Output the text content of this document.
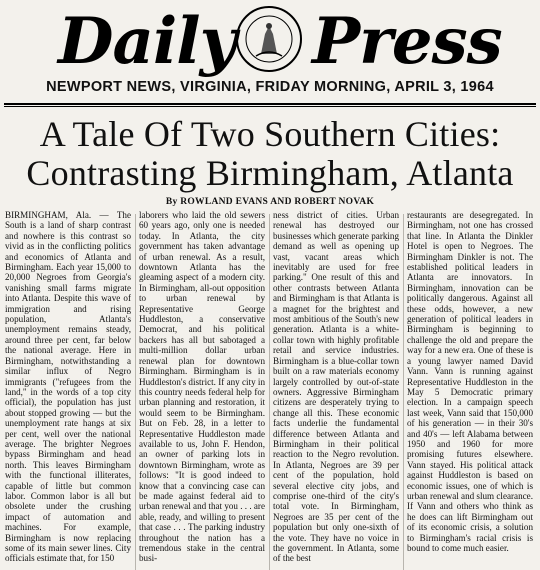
Daily Press
NEWPORT NEWS, VIRGINIA, FRIDAY MORNING, APRIL 3, 1964
A Tale Of Two Southern Cities:
Contrasting Birmingham, Atlanta
By ROWLAND EVANS AND ROBERT NOVAK

BIRMINGHAM, Ala. — The South is a land of sharp contrast and nowhere is this contrast so vivid as in the conflicting politics and economics of Atlanta and Birmingham. Each year 15,000 to 20,000 Negroes from Georgia's vanishing small farms migrate into Atlanta. Despite this wave of immigration and rising population, Atlanta's unemployment remains steady, around three per cent, far below the national average. Here in Birmingham, notwithstanding a similar influx of Negro immigrants ("refugees from the land," in the words of a top city official), the population has just about stopped growing — but the unemployment rate hangs at six per cent, well over the national average. The brighter Negroes bypass Birmingham and head north. This leaves Birmingham with the functional illiterates, capable of little but common labor. Common labor is all but obsolete under the crushing impact of automation and machines. For example, Birmingham is now replacing some of its main sewer lines. City officials estimate that, for 150

laborers who laid the old sewers 60 years ago, only one is needed today. In Atlanta, the city government has taken advantage of urban renewal. As a result, downtown Atlanta has the gleaming aspect of a modern city. In Birmingham, all-out opposition to urban renewal by Representative George Huddleston, a conservative Democrat, and his political backers has all but sabotaged a multi-million dollar urban renewal plan for downtown Birmingham. Birmingham is in Huddleston's district. If any city in this country needs federal help for urban planning and restoration, it would seem to be Birmingham. But on Feb. 28, in a letter to Representative Huddleston made available to us, John F. Hendon, an owner of parking lots in downtown Birmingham, wrote as follows: "It is good indeed to know that a convincing case can be made against federal aid to urban renewal and that you . . . are able, ready, and willing to present that case . . . The parking industry throughout the nation has a tremendous stake in the central busi-

ness district of cities. Urban renewal has destroyed our businesses which generate parking demand as well as opening up vast, vacant areas which inevitably are used for free parking." One result of this and other contrasts between Atlanta and Birmingham is that Atlanta is a magnet for the brightest and most ambitious of the South's new generation. Atlanta is a white-collar town with highly profitable retail and service industries. Birmingham is a blue-collar town built on a raw materials economy largely controlled by out-of-state owners. Aggressive Birmingham citizens are desperately trying to change all this. These economic facts underlie the fundamental difference between Atlanta and Birmingham in their political reaction to the Negro revolution. In Atlanta, Negroes are 39 per cent of the population, hold several elective city jobs, and comprise one-third of the city's total vote. In Birmingham, Negroes are 35 per cent of the population but only one-sixth of the vote. They have no voice in the government. In Atlanta, some of the best

restaurants are desegregated. In Birmingham, not one has crossed that line. In Atlanta the Dinkler Hotel is open to Negroes. The Birmingham Dinkler is not. The established political leaders in Atlanta are innovators. In Birmingham, innovation can be politically dangerous. Against all these odds, however, a new generation of political leaders in Birmingham is beginning to challenge the old and prepare the way for a new era. One of these is a young lawyer named David Vann. Vann is running against Representative Huddleston in the May 5 Democratic primary election. In a campaign speech last week, Vann said that 150,000 of his generation — in their 30's and 40's — left Alabama between 1950 and 1960 for more promising futures elsewhere. Vann stayed. His political attack against Huddleston is based on economic issues, one of which is urban renewal and slum clearance. If Vann and others who think as he does can lift Birmingham out of its economic crisis, a solution to Birmingham's racial crisis is bound to come much easier.
